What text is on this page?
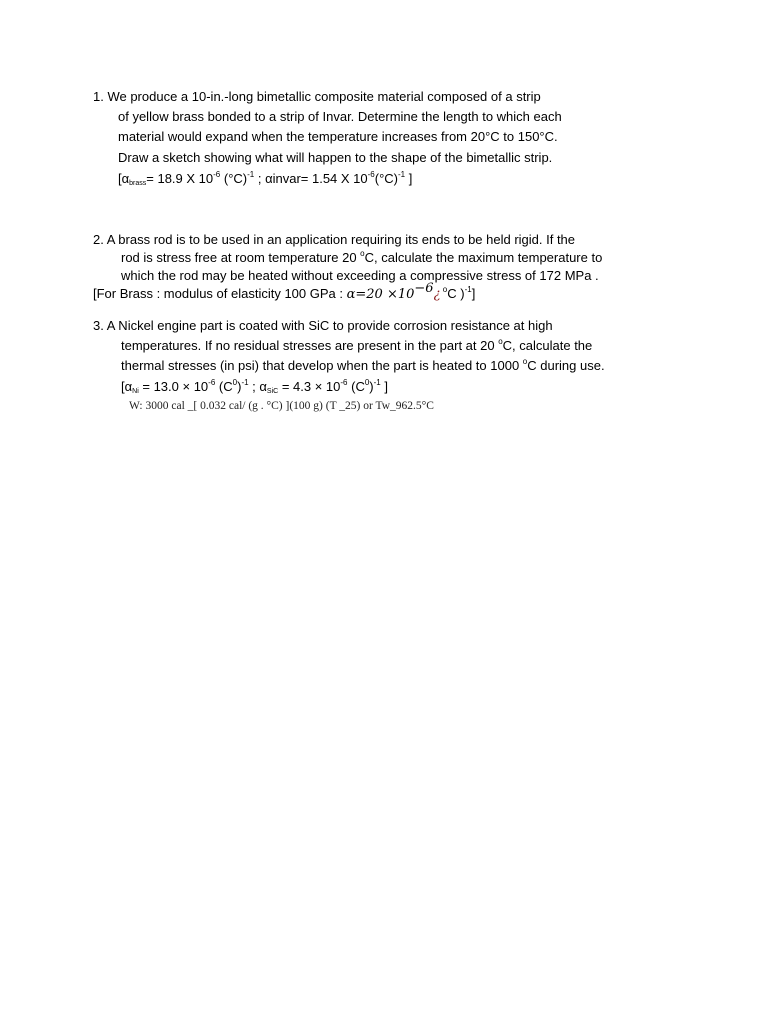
1. We produce a 10-in.-long bimetallic composite material composed of a strip
of yellow brass bonded to a strip of Invar. Determine the length to which each
material would expand when the temperature increases from 20°C to 150°C.
Draw a sketch showing what will happen to the shape of the bimetallic strip.
[$\alpha_{brass}= 18.9$ X $10^{-6}$ $(^\circ C)^{-1}$ ; αinvar= 1.54 X $10^{-6}(^\circ C)^{-1}$ ]
2. A brass rod is to be used in an application requiring its ends to be held rigid. If the
rod is stress free at room temperature 20 $^o$C, calculate the maximum temperature to
which the rod may be heated without exceeding a compressive stress of 172 MPa .
[For Brass : modulus of elasticity 100 GPa : $\alpha=20 \times 10^{-6}¿$ $^o$C )$^{-1}$]
3. A Nickel engine part is coated with SiC to provide corrosion resistance at high
temperatures. If no residual stresses are present in the part at 20 $^o$C, calculate the
thermal stresses (in psi) that develop when the part is heated to 1000 $^o$C during use.
[$\alpha_{Ni} = 13.0 \times 10^{-6}$ $(C^0)^{-1}$ ; $\alpha_{SiC} = 4.3 \times 10^{-6}$ $(C^0)^{-1}$ ]
W: 3000 cal _[ 0.032 cal/ (g . °C) ](100 g) (T _25) or Tw_962.5°C
